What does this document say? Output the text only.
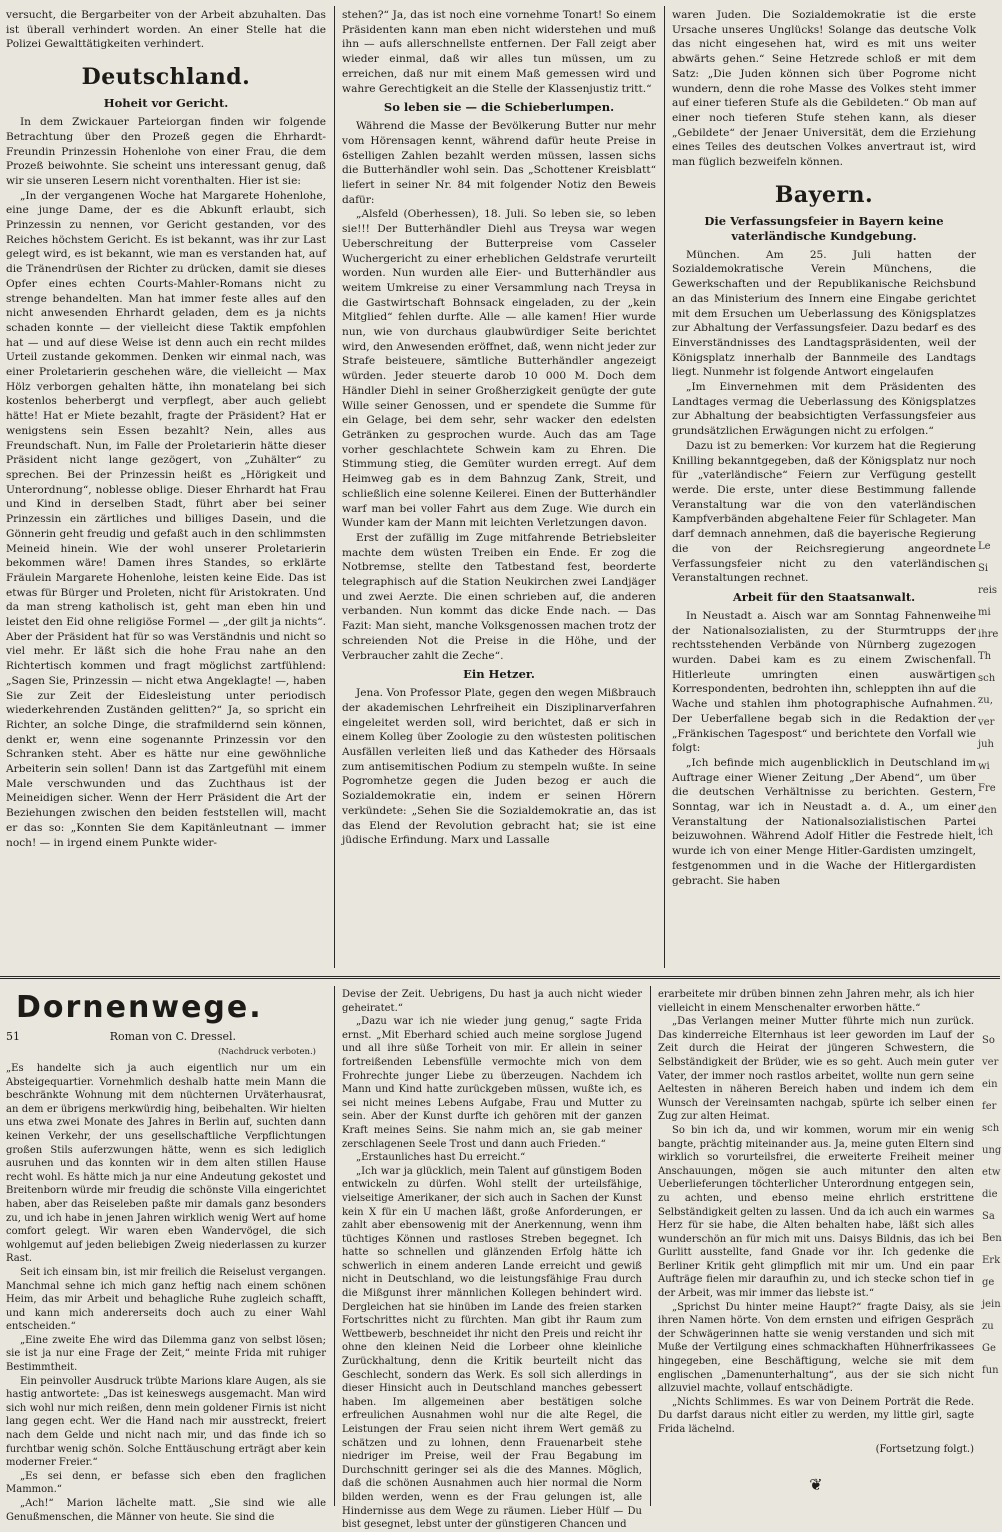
versucht, die Bergarbeiter von der Arbeit abzuhalten. Das ist überall verhindert worden. An einer Stelle hat die Polizei Gewalttätigkeiten verhindert.

Deutschland.
Hoheit vor Gericht.

In dem Zwickauer Parteiorgan finden wir folgende Betrachtung über den Prozeß gegen die Ehrhardt-Freundin Prinzessin Hohenlohe von einer Frau, die dem Prozeß beiwohnte. Sie scheint uns interessant genug, daß wir sie unseren Lesern nicht vorenthalten. Hier ist sie:

„In der vergangenen Woche hat Margarete Hohenlohe, eine junge Dame, der es die Abkunft erlaubt, sich Prinzessin zu nennen, vor Gericht gestanden, vor des Reiches höchstem Gericht. Es ist bekannt, was ihr zur Last gelegt wird, es ist bekannt, wie man es verstanden hat, auf die Tränendrüsen der Richter zu drücken, damit sie dieses Opfer eines echten Courts-Mahler-Romans nicht zu strenge behandelten. Man hat immer feste alles auf den nicht anwesenden Ehrhardt geladen, dem es ja nichts schaden konnte — der vielleicht diese Taktik empfohlen hat — und auf diese Weise ist denn auch ein recht mildes Urteil zustande gekommen. Denken wir einmal nach, was einer Proletarierin geschehen wäre, die vielleicht — Max Hölz verborgen gehalten hätte, ihn monatelang bei sich kostenlos beherbergt und verpflegt, aber auch geliebt hätte! Hat er Miete bezahlt, fragte der Präsident? Hat er wenigstens sein Essen bezahlt? Nein, alles aus Freundschaft. Nun, im Falle der Proletarierin hätte dieser Präsident nicht lange gezögert, von „Zuhälter“ zu sprechen. Bei der Prinzessin heißt es „Hörigkeit und Unterordnung“, noblesse oblige. Dieser Ehrhardt hat Frau und Kind in derselben Stadt, führt aber bei seiner Prinzessin ein zärtliches und billiges Dasein, und die Gönnerin geht freudig und gefaßt auch in den schlimmsten Meineid hinein. Wie der wohl unserer Proletarierin bekommen wäre! Damen ihres Standes, so erklärte Fräulein Margarete Hohenlohe, leisten keine Eide. Das ist etwas für Bürger und Proleten, nicht für Aristokraten. Und da man streng katholisch ist, geht man eben hin und leistet den Eid ohne religiöse Formel — „der gilt ja nichts“. Aber der Präsident hat für so was Verständnis und nicht so viel mehr. Er läßt sich die hohe Frau nahe an den Richtertisch kommen und fragt möglichst zartfühlend: „Sagen Sie, Prinzessin — nicht etwa Angeklagte! —, haben Sie zur Zeit der Eidesleistung unter periodisch wiederkehrenden Zuständen gelitten?“ Ja, so spricht ein Richter, an solche Dinge, die strafmildernd sein können, denkt er, wenn eine sogenannte Prinzessin vor den Schranken steht. Aber es hätte nur eine gewöhnliche Arbeiterin sein sollen! Dann ist das Zartgefühl mit einem Male verschwunden und das Zuchthaus ist der Meineidigen sicher. Wenn der Herr Präsident die Art der Beziehungen zwischen den beiden feststellen will, macht er das so: „Konnten Sie dem Kapitänleutnant — immer noch! — in irgend einem Punkte wider-

stehen?“ Ja, das ist noch eine vornehme Tonart! So einem Präsidenten kann man eben nicht widerstehen und muß ihn — aufs allerschnellste entfernen. Der Fall zeigt aber wieder einmal, daß wir alles tun müssen, um zu erreichen, daß nur mit einem Maß gemessen wird und wahre Gerechtigkeit an die Stelle der Klassenjustiz tritt.“

So leben sie — die Schieberlumpen.

Während die Masse der Bevölkerung Butter nur mehr vom Hörensagen kennt, während dafür heute Preise in 6stelligen Zahlen bezahlt werden müssen, lassen sichs die Butterhändler wohl sein. Das „Schottener Kreisblatt“ liefert in seiner Nr. 84 mit folgender Notiz den Beweis dafür:

„Alsfeld (Oberhessen), 18. Juli. So leben sie, so leben sie!!! Der Butterhändler Diehl aus Treysa war wegen Ueberschreitung der Butterpreise vom Casseler Wuchergericht zu einer erheblichen Geldstrafe verurteilt worden. Nun wurden alle Eier- und Butterhändler aus weitem Umkreise zu einer Versammlung nach Treysa in die Gastwirtschaft Bohnsack eingeladen, zu der „kein Mitglied“ fehlen durfte. Alle — alle kamen! Hier wurde nun, wie von durchaus glaubwürdiger Seite berichtet wird, den Anwesenden eröffnet, daß, wenn nicht jeder zur Strafe beisteuere, sämtliche Butterhändler angezeigt würden. Jeder steuerte darob 10 000 M. Doch dem Händler Diehl in seiner Großherzigkeit genügte der gute Wille seiner Genossen, und er spendete die Summe für ein Gelage, bei dem sehr, sehr wacker den edelsten Getränken zu gesprochen wurde. Auch das am Tage vorher geschlachtete Schwein kam zu Ehren. Die Stimmung stieg, die Gemüter wurden erregt. Auf dem Heimweg gab es in dem Bahnzug Zank, Streit, und schließlich eine solenne Keilerei. Einen der Butterhändler warf man bei voller Fahrt aus dem Zuge. Wie durch ein Wunder kam der Mann mit leichten Verletzungen davon.

Erst der zufällig im Zuge mitfahrende Betriebsleiter machte dem wüsten Treiben ein Ende. Er zog die Notbremse, stellte den Tatbestand fest, beorderte telegraphisch auf die Station Neukirchen zwei Landjäger und zwei Aerzte. Die einen schrieben auf, die anderen verbanden. Nun kommt das dicke Ende nach. — Das Fazit: Man sieht, manche Volksgenossen machen trotz der schreienden Not die Preise in die Höhe, und der Verbraucher zahlt die Zeche“.

Ein Hetzer.

Jena. Von Professor Plate, gegen den wegen Mißbrauch der akademischen Lehrfreiheit ein Disziplinarverfahren eingeleitet werden soll, wird berichtet, daß er sich in einem Kolleg über Zoologie zu den wüstesten politischen Ausfällen verleiten ließ und das Katheder des Hörsaals zum antisemitischen Podium zu stempeln wußte. In seine Pogromhetze gegen die Juden bezog er auch die Sozialdemokratie ein, indem er seinen Hörern verkündete: „Sehen Sie die Sozialdemokratie an, das ist das Elend der Revolution gebracht hat; sie ist eine jüdische Erfindung. Marx und Lassalle

waren Juden. Die Sozialdemokratie ist die erste Ursache unseres Unglücks! Solange das deutsche Volk das nicht eingesehen hat, wird es mit uns weiter abwärts gehen.“ Seine Hetzrede schloß er mit dem Satz: „Die Juden können sich über Pogrome nicht wundern, denn die rohe Masse des Volkes steht immer auf einer tieferen Stufe als die Gebildeten.“ Ob man auf einer noch tieferen Stufe stehen kann, als dieser „Gebildete“ der Jenaer Universität, dem die Erziehung eines Teiles des deutschen Volkes anvertraut ist, wird man füglich bezweifeln können.

Bayern.
Die Verfassungsfeier in Bayern keine vaterländische Kundgebung.

München. Am 25. Juli hatten der Sozialdemokratische Verein Münchens, die Gewerkschaften und der Republikanische Reichsbund an das Ministerium des Innern eine Eingabe gerichtet mit dem Ersuchen um Ueberlassung des Königsplatzes zur Abhaltung der Verfassungsfeier. Dazu bedarf es des Einverständnisses des Landtagspräsidenten, weil der Königsplatz innerhalb der Bannmeile des Landtags liegt. Nunmehr ist folgende Antwort eingelaufen

„Im Einvernehmen mit dem Präsidenten des Landtages vermag die Ueberlassung des Königsplatzes zur Abhaltung der beabsichtigten Verfassungsfeier aus grundsätzlichen Erwägungen nicht zu erfolgen.“

Dazu ist zu bemerken: Vor kurzem hat die Regierung Knilling bekanntgegeben, daß der Königsplatz nur noch für „vaterländische“ Feiern zur Verfügung gestellt werde. Die erste, unter diese Bestimmung fallende Veranstaltung war die von den vaterländischen Kampfverbänden abgehaltene Feier für Schlageter. Man darf demnach annehmen, daß die bayerische Regierung die von der Reichsregierung angeordnete Verfassungsfeier nicht zu den vaterländischen Veranstaltungen rechnet.

Arbeit für den Staatsanwalt.

In Neustadt a. Aisch war am Sonntag Fahnenweihe der Nationalsozialisten, zu der Sturmtrupps der rechtsstehenden Verbände von Nürnberg zugezogen wurden. Dabei kam es zu einem Zwischenfall. Hitlerleute umringten einen auswärtigen Korrespondenten, bedrohten ihn, schleppten ihn auf die Wache und stahlen ihm photographische Aufnahmen. Der Ueberfallene begab sich in die Redaktion der „Fränkischen Tagespost“ und berichtete den Vorfall wie folgt:

„Ich befinde mich augenblicklich in Deutschland im Auftrage einer Wiener Zeitung „Der Abend“, um über die deutschen Verhältnisse zu berichten. Gestern, Sonntag, war ich in Neustadt a. d. A., um einer Veranstaltung der Nationalsozialistischen Partei beizuwohnen. Während Adolf Hitler die Festrede hielt, wurde ich von einer Menge Hitler-Gardisten umzingelt, festgenommen und in die Wache der Hitlergardisten gebracht. Sie haben

Le
Si
reis
mi
ihre
Th
sch
zu,
ver
juh
wi
Fre
den
ich
So
ver
ein
fer
sch
ung
etw
die
Sa
Ben
Erk
ge
jein
zu
Ge
fun
Dornenwege.
51	Roman von C. Dressel.
(Nachdruck verboten.)

„Es handelte sich ja auch eigentlich nur um ein Absteigequartier. Vornehmlich deshalb hatte mein Mann die beschränkte Wohnung mit dem nüchternen Urväterhausrat, an dem er übrigens merkwürdig hing, beibehalten. Wir hielten uns etwa zwei Monate des Jahres in Berlin auf, suchten dann keinen Verkehr, der uns gesellschaftliche Verpflichtungen großen Stils auferzwungen hätte, wenn es sich lediglich ausruhen und das konnten wir in dem alten stillen Hause recht wohl. Es hätte mich ja nur eine Andeutung gekostet und Breitenborn würde mir freudig die schönste Villa eingerichtet haben, aber das Reiseleben paßte mir damals ganz besonders zu, und ich habe in jenen Jahren wirklich wenig Wert auf home comfort gelegt. Wir waren eben Wandervögel, die sich wohlgemut auf jeden beliebigen Zweig niederlassen zu kurzer Rast.

Seit ich einsam bin, ist mir freilich die Reiselust vergangen. Manchmal sehne ich mich ganz heftig nach einem schönen Heim, das mir Arbeit und behagliche Ruhe zugleich schafft, und kann mich andererseits doch auch zu einer Wahl entscheiden.“

„Eine zweite Ehe wird das Dilemma ganz von selbst lösen; sie ist ja nur eine Frage der Zeit,“ meinte Frida mit ruhiger Bestimmtheit.

Ein peinvoller Ausdruck trübte Marions klare Augen, als sie hastig antwortete: „Das ist keineswegs ausgemacht. Man wird sich wohl nur mich reißen, denn mein goldener Firnis ist nicht lang gegen echt. Wer die Hand nach mir ausstreckt, freiert nach dem Gelde und nicht nach mir, und das finde ich so furchtbar wenig schön. Solche Enttäuschung erträgt aber kein moderner Freier.“

„Es sei denn, er befasse sich eben den fraglichen Mammon.“

„Ach!“ Marion lächelte matt. „Sie sind wie alle Genußmenschen, die Männer von heute. Sie sind die

Devise der Zeit. Uebrigens, Du hast ja auch nicht wieder geheiratet.“

„Dazu war ich nie wieder jung genug,“ sagte Frida ernst. „Mit Eberhard schied auch meine sorglose Jugend und all ihre süße Torheit von mir. Er allein in seiner fortreißenden Lebensfülle vermochte mich von dem Frohrechte junger Liebe zu überzeugen. Nachdem ich Mann und Kind hatte zurückgeben müssen, wußte ich, es sei nicht meines Lebens Aufgabe, Frau und Mutter zu sein. Aber der Kunst durfte ich gehören mit der ganzen Kraft meines Seins. Sie nahm mich an, sie gab meiner zerschlagenen Seele Trost und dann auch Frieden.“

„Erstaunliches hast Du erreicht.“

„Ich war ja glücklich, mein Talent auf günstigem Boden entwickeln zu dürfen. Wohl stellt der urteilsfähige, vielseitige Amerikaner, der sich auch in Sachen der Kunst kein X für ein U machen läßt, große Anforderungen, er zahlt aber ebensowenig mit der Anerkennung, wenn ihm tüchtiges Können und rastloses Streben begegnet. Ich hatte so schnellen und glänzenden Erfolg hätte ich schwerlich in einem anderen Lande erreicht und gewiß nicht in Deutschland, wo die leistungsfähige Frau durch die Mißgunst ihrer männlichen Kollegen behindert wird. Dergleichen hat sie hinüben im Lande des freien starken Fortschrittes nicht zu fürchten. Man gibt ihr Raum zum Wettbewerb, beschneidet ihr nicht den Preis und reicht ihr ohne den kleinen Neid die Lorbeer ohne kleinliche Zurückhaltung, denn die Kritik beurteilt nicht das Geschlecht, sondern das Werk. Es soll sich allerdings in dieser Hinsicht auch in Deutschland manches gebessert haben. Im allgemeinen aber bestätigen solche erfreulichen Ausnahmen wohl nur die alte Regel, die Leistungen der Frau seien nicht ihrem Wert gemäß zu schätzen und zu lohnen, denn Frauenarbeit stehe niedriger im Preise, weil der Frau Begabung im Durchschnitt geringer sei als die des Mannes. Möglich, daß die schönen Ausnahmen auch hier normal die Norm bilden werden, wenn es der Frau gelungen ist, alle Hindernisse aus dem Wege zu räumen. Lieber Hülf — Du bist gesegnet, lebst unter der günstigeren Chancen und

erarbeitete mir drüben binnen zehn Jahren mehr, als ich hier vielleicht in einem Menschenalter erworben hätte.“

„Das Verlangen meiner Mutter führte mich nun zurück. Das kinderreiche Elternhaus ist leer geworden im Lauf der Zeit durch die Heirat der jüngeren Schwestern, die Selbständigkeit der Brüder, wie es so geht. Auch mein guter Vater, der immer noch rastlos arbeitet, wollte nun gern seine Aeltesten in näheren Bereich haben und indem ich dem Wunsch der Vereinsamten nachgab, spürte ich selber einen Zug zur alten Heimat.

So bin ich da, und wir kommen, worum mir ein wenig bangte, prächtig miteinander aus. Ja, meine guten Eltern sind wirklich so vorurteilsfrei, die erweiterte Freiheit meiner Anschauungen, mögen sie auch mitunter den alten Ueberlieferungen töchterlicher Unterordnung entgegen sein, zu achten, und ebenso meine ehrlich erstrittene Selbständigkeit gelten zu lassen. Und da ich auch ein warmes Herz für sie habe, die Alten behalten habe, läßt sich alles wunderschön an für mich mit uns. Daisys Bildnis, das ich bei Gurlitt ausstellte, fand Gnade vor ihr. Ich gedenke die Berliner Kritik geht glimpflich mit mir um. Und ein paar Aufträge fielen mir daraufhin zu, und ich stecke schon tief in der Arbeit, was mir immer das liebste ist.“

„Sprichst Du hinter meine Haupt?“ fragte Daisy, als sie ihren Namen hörte. Von dem ernsten und eifrigen Gespräch der Schwägerinnen hatte sie wenig verstanden und sich mit Muße der Vertilgung eines schmackhaften Hühnerfrikassees hingegeben, eine Beschäftigung, welche sie mit dem englischen „Damenunterhaltung“, aus der sie sich nicht allzuviel machte, vollauf entschädigte.

„Nichts Schlimmes. Es war von Deinem Porträt die Rede. Du darfst daraus nicht eitler zu werden, my little girl, sagte Frida lächelnd.

(Fortsetzung folgt.)
❦
